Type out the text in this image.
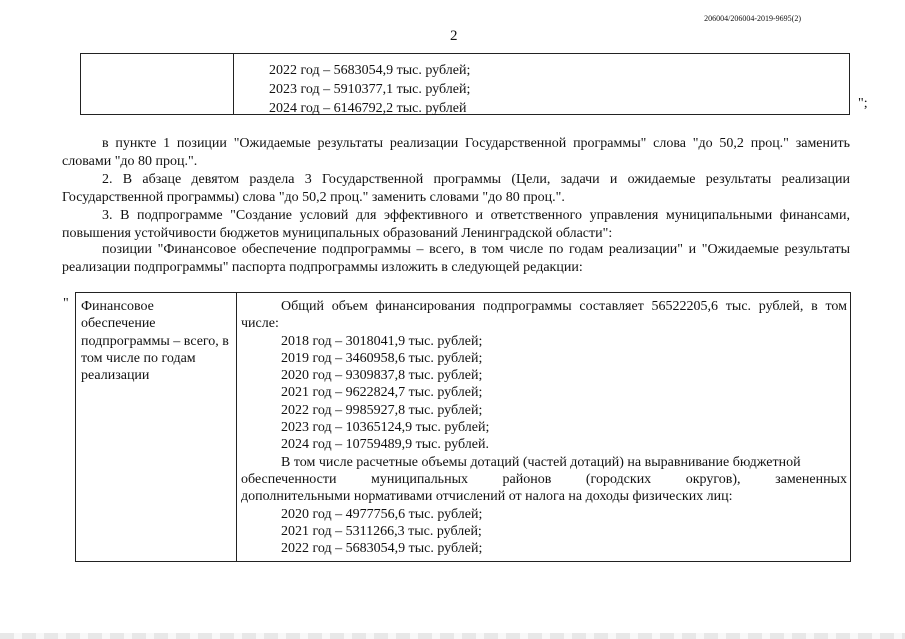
206004/206004-2019-9695(2)
2
2022 год – 5683054,9 тыс. рублей;
2023 год – 5910377,1 тыс. рублей;
2024 год – 6146792,2 тыс. рублей	";
в пункте 1 позиции "Ожидаемые результаты реализации Государственной программы" слова "до 50,2 проц." заменить словами "до 80 проц.".
2. В абзаце девятом раздела 3 Государственной программы (Цели, задачи и ожидаемые результаты реализации Государственной программы) слова "до 50,2 проц." заменить словами "до 80 проц.".
3. В подпрограмме "Создание условий для эффективного и ответственного управления муниципальными финансами, повышения устойчивости бюджетов муниципальных образований Ленинградской области":
позиции "Финансовое обеспечение подпрограммы – всего, в том числе по годам реализации" и "Ожидаемые результаты реализации подпрограммы" паспорта подпрограммы изложить в следующей редакции:
" Финансовое обеспечение подпрограммы – всего, в том числе по годам реализации
Общий объем финансирования подпрограммы составляет 56522205,6 тыс. рублей, в том числе:
2018 год – 3018041,9 тыс. рублей;
2019 год – 3460958,6 тыс. рублей;
2020 год – 9309837,8 тыс. рублей;
2021 год – 9622824,7 тыс. рублей;
2022 год – 9985927,8 тыс. рублей;
2023 год – 10365124,9 тыс. рублей;
2024 год – 10759489,9 тыс. рублей.
В том числе расчетные объемы дотаций (частей дотаций) на выравнивание бюджетной
обеспеченности муниципальных районов (городских округов), замененных
дополнительными нормативами отчислений от налога на доходы физических лиц:
2020 год – 4977756,6 тыс. рублей;
2021 год – 5311266,3 тыс. рублей;
2022 год – 5683054,9 тыс. рублей;
